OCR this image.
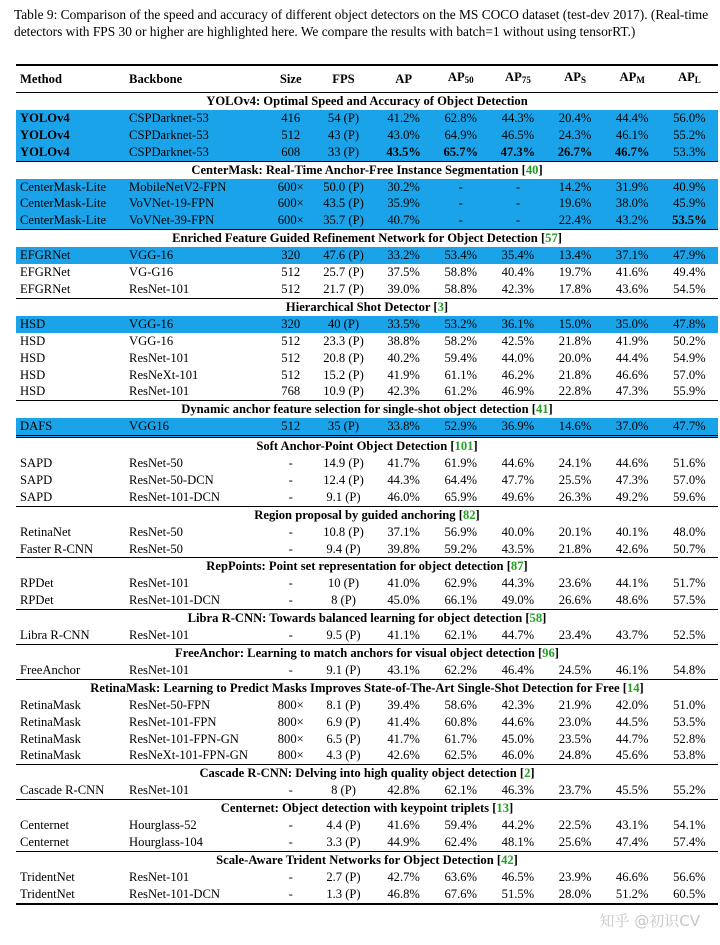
Table 9: Comparison of the speed and accuracy of different object detectors on the MS COCO dataset (test-dev 2017). (Real-time detectors with FPS 30 or higher are highlighted here. We compare the results with batch=1 without using tensorRT.)
Method	Backbone	Size	FPS	AP	$AP_{50}$	$AP_{75}$	$AP_S$	$AP_M$	$AP_L$
YOLOv4: Optimal Speed and Accuracy of Object Detection									
YOLOv4	CSPDarknet-53	416	54 (P)	41.2%	62.8%	44.3%	20.4%	44.4%	56.0%
YOLOv4	CSPDarknet-53	512	43 (P)	43.0%	64.9%	46.5%	24.3%	46.1%	55.2%
YOLOv4	CSPDarknet-53	608	33 (P)	43.5%	65.7%	47.3%	26.7%	46.7%	53.3%
CenterMask: Real-Time Anchor-Free Instance Segmentation [40]									
CenterMask-Lite	MobileNetV2-FPN	600×	50.0 (P)	30.2%	-	-	14.2%	31.9%	40.9%
CenterMask-Lite	VoVNet-19-FPN	600×	43.5 (P)	35.9%	-	-	19.6%	38.0%	45.9%
CenterMask-Lite	VoVNet-39-FPN	600×	35.7 (P)	40.7%	-	-	22.4%	43.2%	53.5%
Enriched Feature Guided Refinement Network for Object Detection [57]									
EFGRNet	VGG-16	320	47.6 (P)	33.2%	53.4%	35.4%	13.4%	37.1%	47.9%
EFGRNet	VG-G16	512	25.7 (P)	37.5%	58.8%	40.4%	19.7%	41.6%	49.4%
EFGRNet	ResNet-101	512	21.7 (P)	39.0%	58.8%	42.3%	17.8%	43.6%	54.5%
Hierarchical Shot Detector [3]									
HSD	VGG-16	320	40 (P)	33.5%	53.2%	36.1%	15.0%	35.0%	47.8%
HSD	VGG-16	512	23.3 (P)	38.8%	58.2%	42.5%	21.8%	41.9%	50.2%
HSD	ResNet-101	512	20.8 (P)	40.2%	59.4%	44.0%	20.0%	44.4%	54.9%
HSD	ResNeXt-101	512	15.2 (P)	41.9%	61.1%	46.2%	21.8%	46.6%	57.0%
HSD	ResNet-101	768	10.9 (P)	42.3%	61.2%	46.9%	22.8%	47.3%	55.9%
Dynamic anchor feature selection for single-shot object detection [41]									
DAFS	VGG16	512	35 (P)	33.8%	52.9%	36.9%	14.6%	37.0%	47.7%
Soft Anchor-Point Object Detection [101]									
SAPD	ResNet-50	-	14.9 (P)	41.7%	61.9%	44.6%	24.1%	44.6%	51.6%
SAPD	ResNet-50-DCN	-	12.4 (P)	44.3%	64.4%	47.7%	25.5%	47.3%	57.0%
SAPD	ResNet-101-DCN	-	9.1 (P)	46.0%	65.9%	49.6%	26.3%	49.2%	59.6%
Region proposal by guided anchoring [82]									
RetinaNet	ResNet-50	-	10.8 (P)	37.1%	56.9%	40.0%	20.1%	40.1%	48.0%
Faster R-CNN	ResNet-50	-	9.4 (P)	39.8%	59.2%	43.5%	21.8%	42.6%	50.7%
RepPoints: Point set representation for object detection [87]									
RPDet	ResNet-101	-	10 (P)	41.0%	62.9%	44.3%	23.6%	44.1%	51.7%
RPDet	ResNet-101-DCN	-	8 (P)	45.0%	66.1%	49.0%	26.6%	48.6%	57.5%
Libra R-CNN: Towards balanced learning for object detection [58]									
Libra R-CNN	ResNet-101	-	9.5 (P)	41.1%	62.1%	44.7%	23.4%	43.7%	52.5%
FreeAnchor: Learning to match anchors for visual object detection [96]									
FreeAnchor	ResNet-101	-	9.1 (P)	43.1%	62.2%	46.4%	24.5%	46.1%	54.8%
RetinaMask: Learning to Predict Masks Improves State-of-The-Art Single-Shot Detection for Free [14]									
RetinaMask	ResNet-50-FPN	800×	8.1 (P)	39.4%	58.6%	42.3%	21.9%	42.0%	51.0%
RetinaMask	ResNet-101-FPN	800×	6.9 (P)	41.4%	60.8%	44.6%	23.0%	44.5%	53.5%
RetinaMask	ResNet-101-FPN-GN	800×	6.5 (P)	41.7%	61.7%	45.0%	23.5%	44.7%	52.8%
RetinaMask	ResNeXt-101-FPN-GN	800×	4.3 (P)	42.6%	62.5%	46.0%	24.8%	45.6%	53.8%
Cascade R-CNN: Delving into high quality object detection [2]									
Cascade R-CNN	ResNet-101	-	8 (P)	42.8%	62.1%	46.3%	23.7%	45.5%	55.2%
Centernet: Object detection with keypoint triplets [13]									
Centernet	Hourglass-52	-	4.4 (P)	41.6%	59.4%	44.2%	22.5%	43.1%	54.1%
Centernet	Hourglass-104	-	3.3 (P)	44.9%	62.4%	48.1%	25.6%	47.4%	57.4%
Scale-Aware Trident Networks for Object Detection [42]									
TridentNet	ResNet-101	-	2.7 (P)	42.7%	63.6%	46.5%	23.9%	46.6%	56.6%
TridentNet	ResNet-101-DCN	-	1.3 (P)	46.8%	67.6%	51.5%	28.0%	51.2%	60.5%
知乎 @初识CV
